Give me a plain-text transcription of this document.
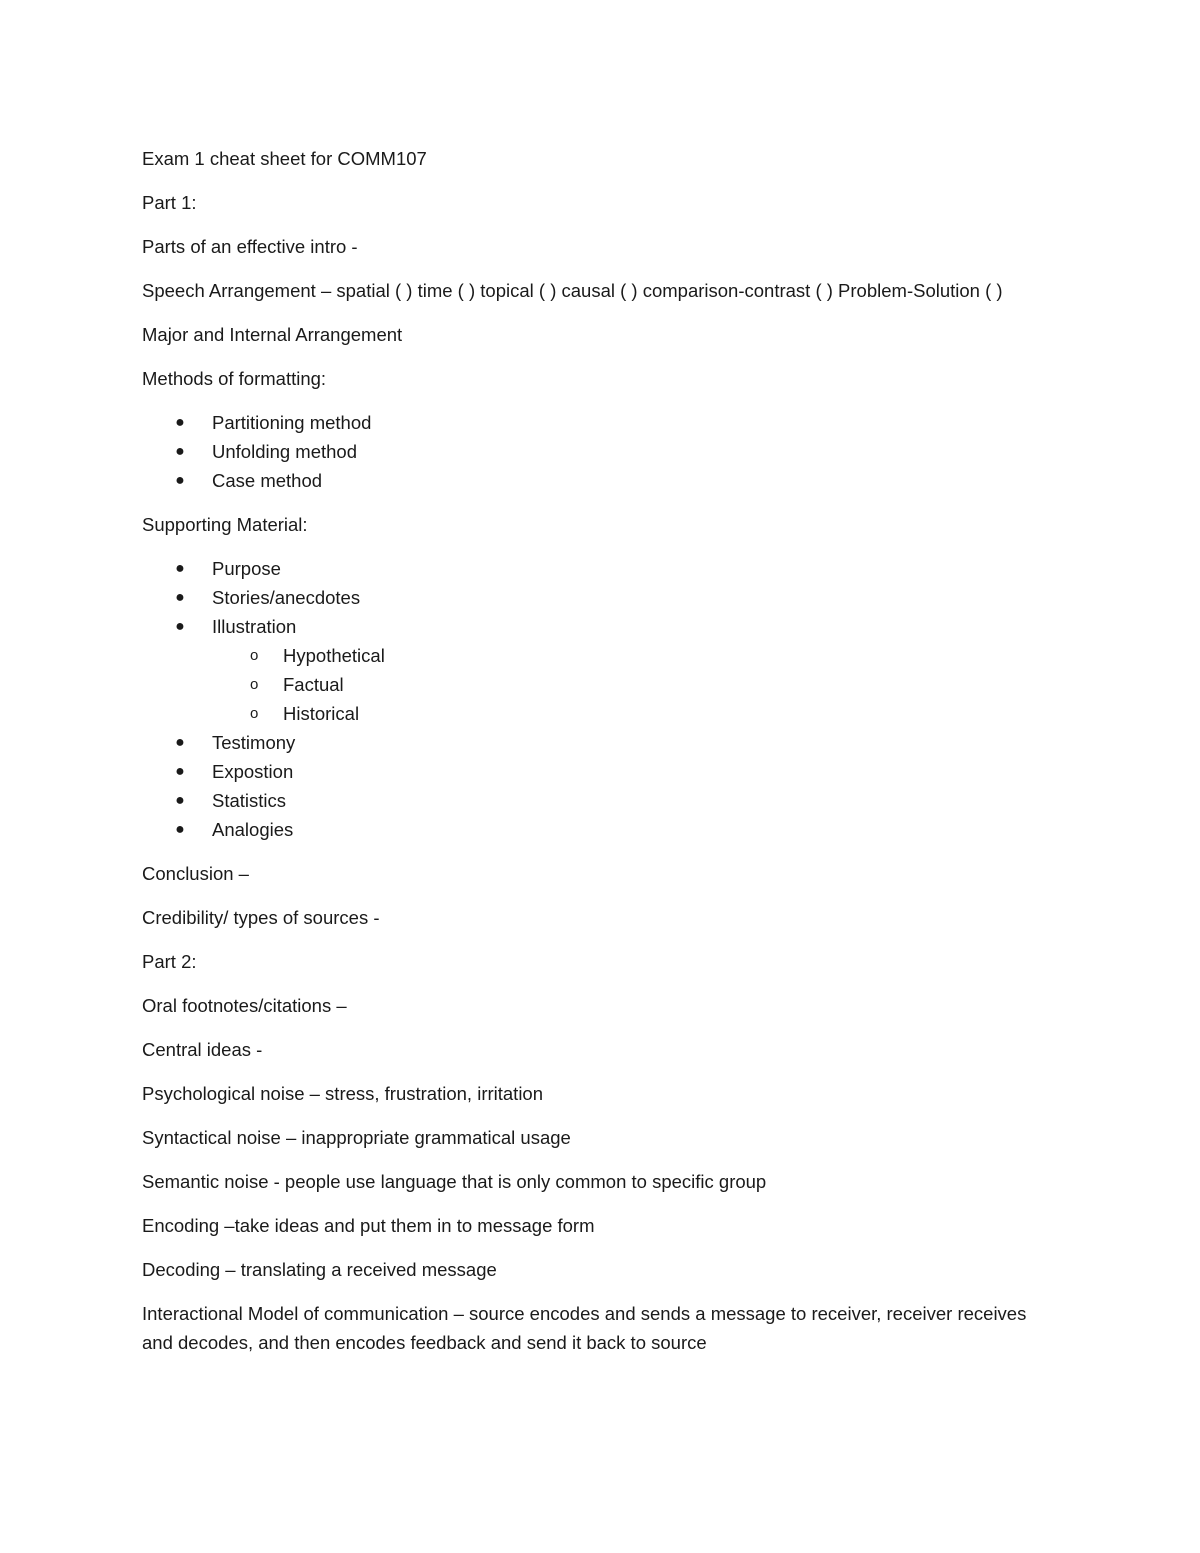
Exam 1 cheat sheet for COMM107

Part 1:

Parts of an effective intro -

Speech Arrangement – spatial ( ) time ( ) topical ( ) causal ( ) comparison-contrast ( ) Problem-Solution ( )

Major and Internal Arrangement

Methods of formatting:

● Partitioning method
● Unfolding method
● Case method

Supporting Material:

● Purpose
● Stories/anecdotes
● Illustration
o Hypothetical
o Factual
o Historical
● Testimony
● Expostion
● Statistics
● Analogies

Conclusion –

Credibility/ types of sources -

Part 2:

Oral footnotes/citations –

Central ideas -

Psychological noise – stress, frustration, irritation

Syntactical noise – inappropriate grammatical usage

Semantic noise - people use language that is only common to specific group

Encoding –take ideas and put them in to message form

Decoding – translating a received message

Interactional Model of communication – source encodes and sends a message to receiver, receiver receives and decodes, and then encodes feedback and send it back to source
